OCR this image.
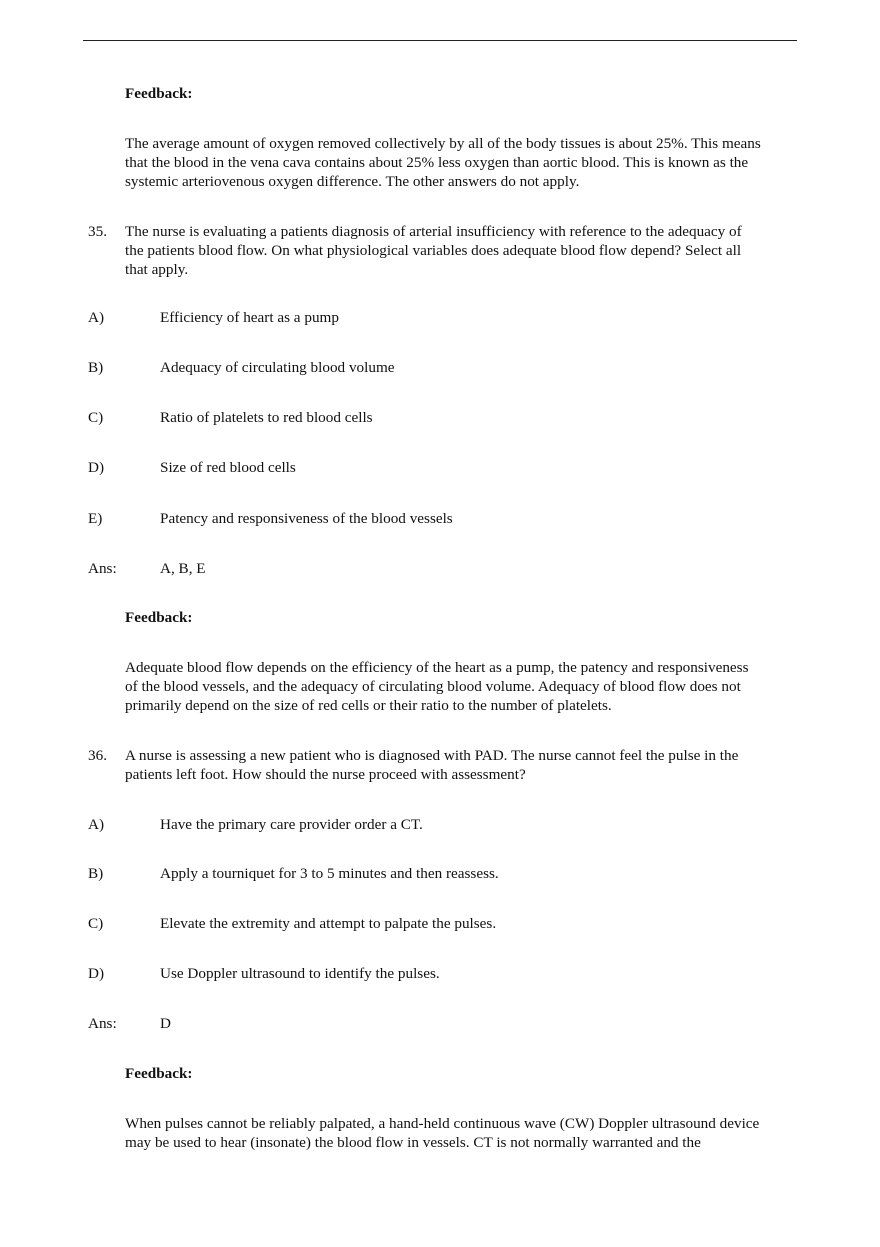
Feedback:
The average amount of oxygen removed collectively by all of the body tissues is about 25%. This means
that the blood in the vena cava contains about 25% less oxygen than aortic blood. This is known as the
systemic arteriovenous oxygen difference. The other answers do not apply.
35. The nurse is evaluating a patients diagnosis of arterial insufficiency with reference to the adequacy of
the patients blood flow. On what physiological variables does adequate blood flow depend? Select all
that apply.
A)	Efficiency of heart as a pump
B)	Adequacy of circulating blood volume
C)	Ratio of platelets to red blood cells
D)	Size of red blood cells
E)	Patency and responsiveness of the blood vessels
Ans:	A, B, E
Feedback:
Adequate blood flow depends on the efficiency of the heart as a pump, the patency and responsiveness
of the blood vessels, and the adequacy of circulating blood volume. Adequacy of blood flow does not
primarily depend on the size of red cells or their ratio to the number of platelets.
36. A nurse is assessing a new patient who is diagnosed with PAD. The nurse cannot feel the pulse in the
patients left foot. How should the nurse proceed with assessment?
A)	Have the primary care provider order a CT.
B)	Apply a tourniquet for 3 to 5 minutes and then reassess.
C)	Elevate the extremity and attempt to palpate the pulses.
D)	Use Doppler ultrasound to identify the pulses.
Ans:	D
Feedback:
When pulses cannot be reliably palpated, a hand-held continuous wave (CW) Doppler ultrasound device
may be used to hear (insonate) the blood flow in vessels. CT is not normally warranted and the
